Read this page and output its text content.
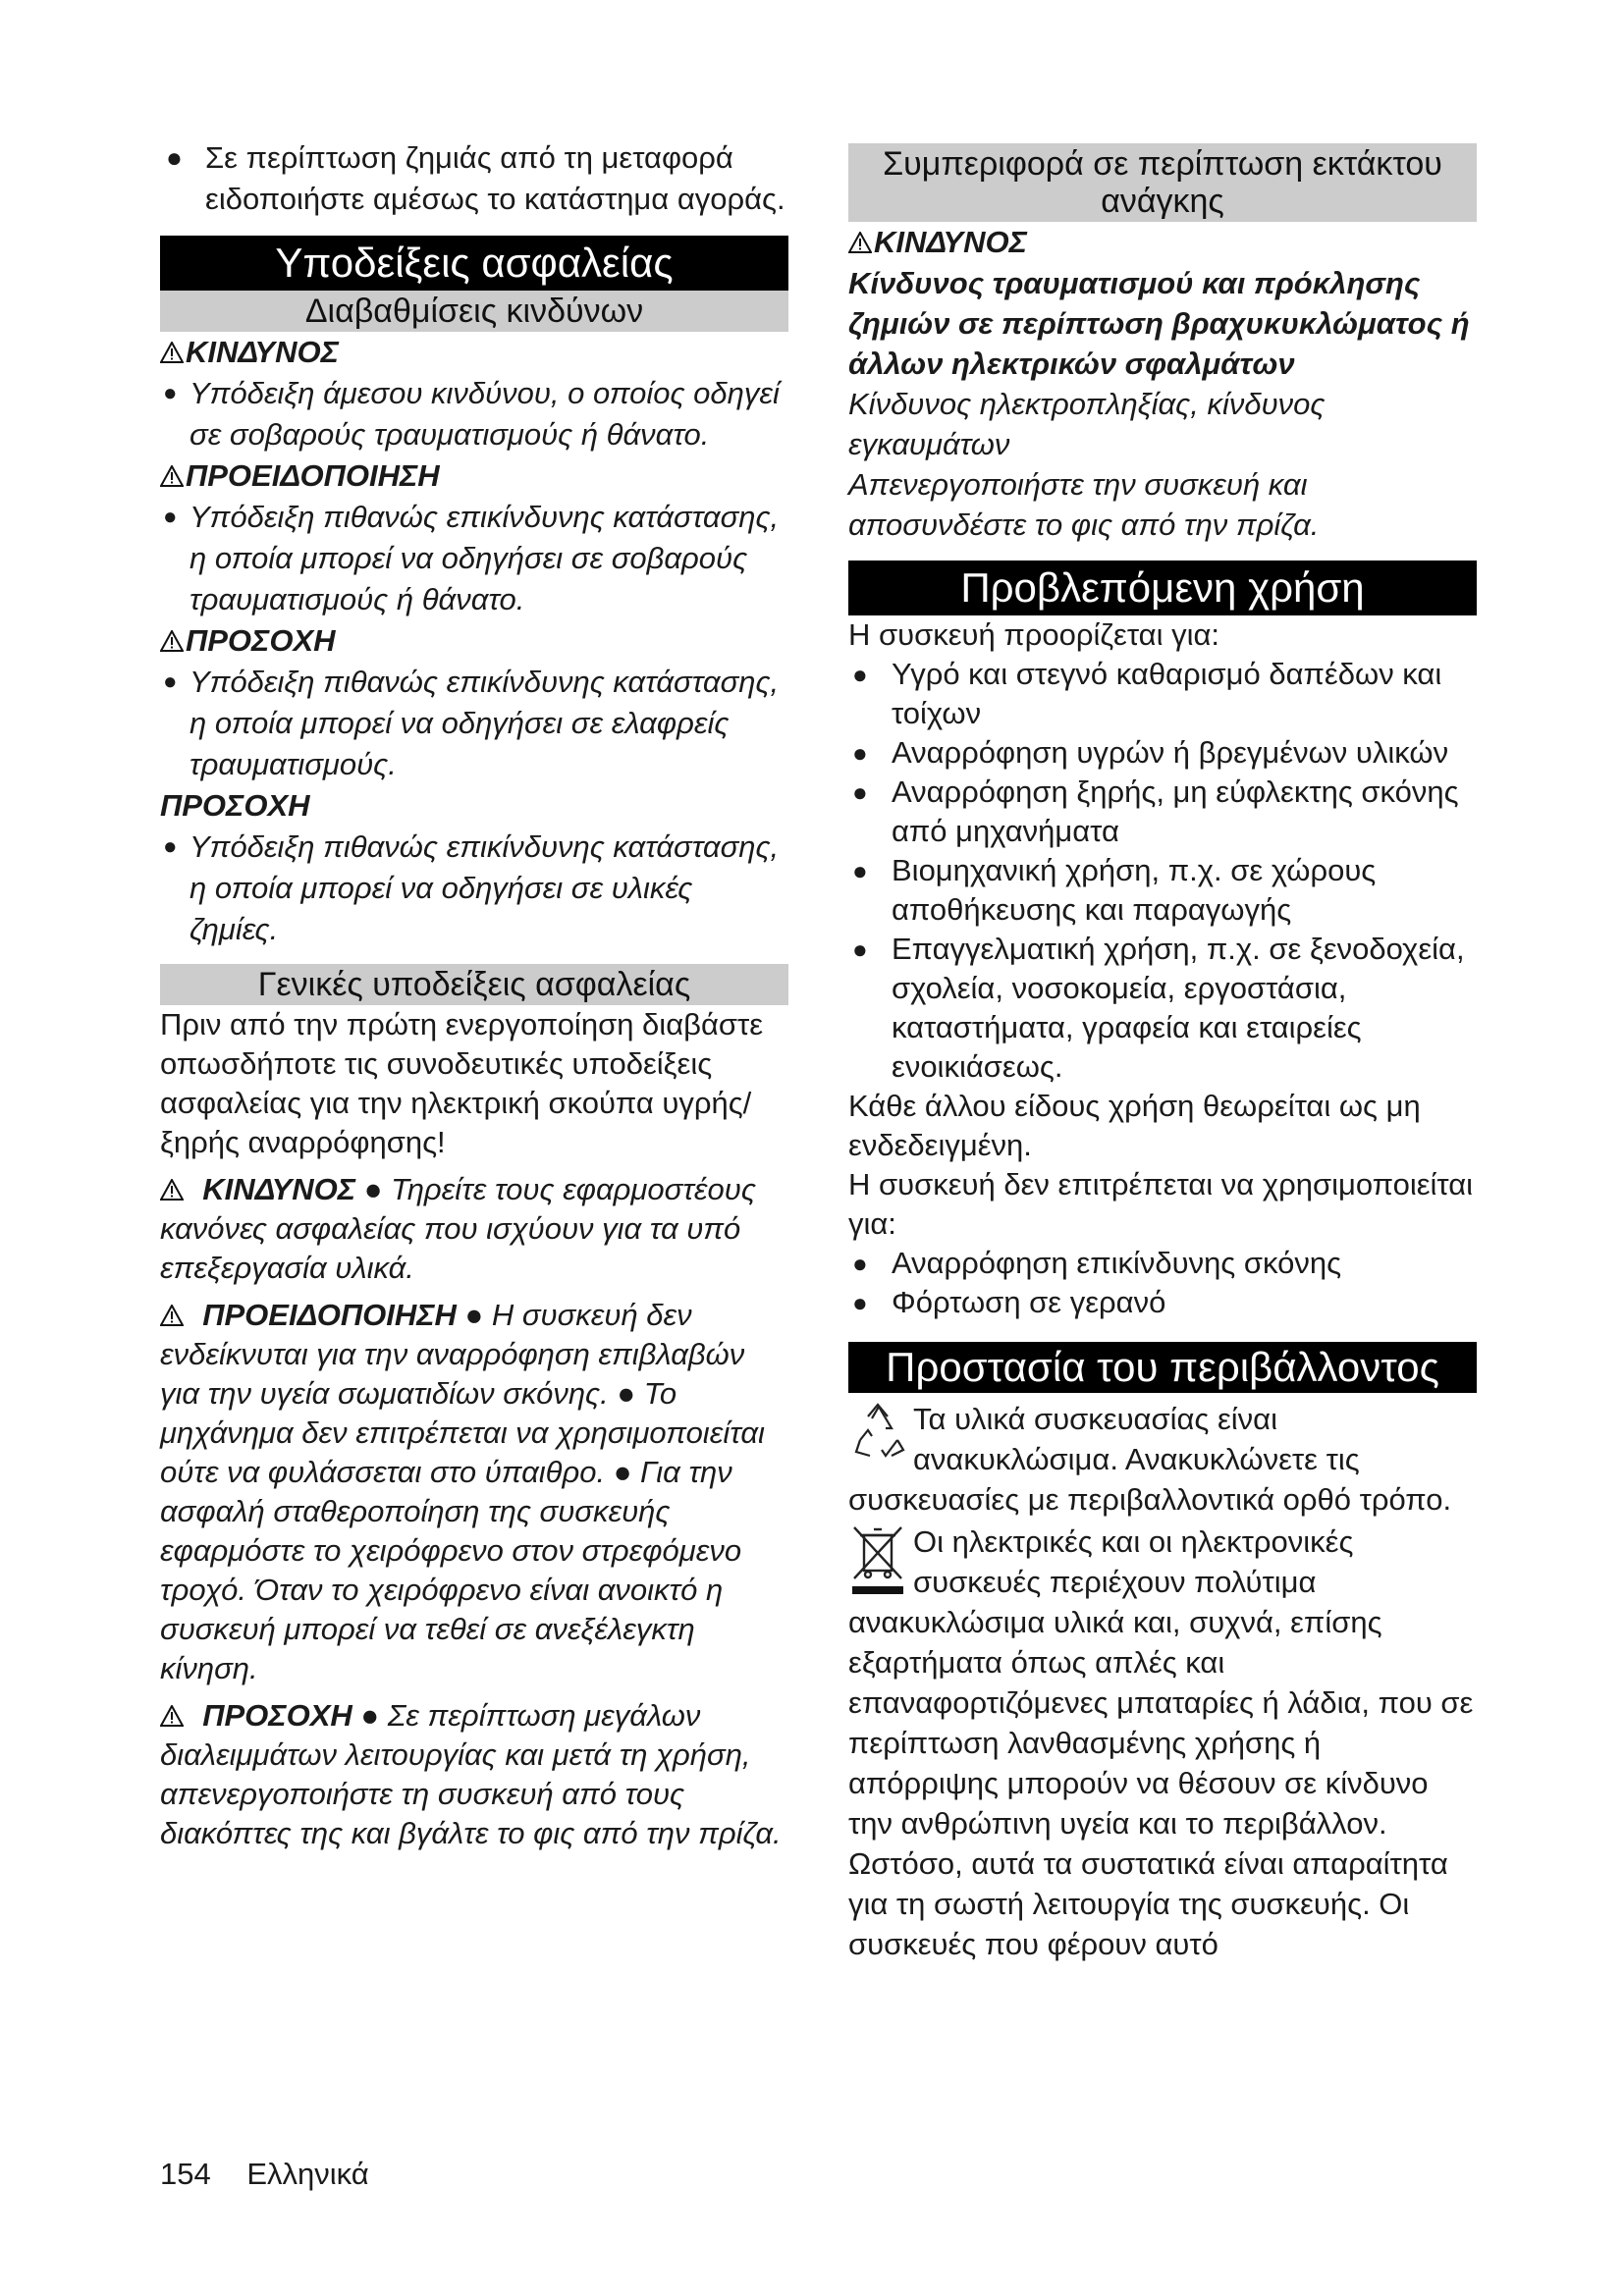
● Σε περίπτωση ζημιάς από τη μεταφορά ειδοποιήστε αμέσως το κατάστημα αγοράς.
Υποδείξεις ασφαλείας
Διαβαθμίσεις κινδύνων
ΚΙΝΔΥΝΟΣ
● Υπόδειξη άμεσου κινδύνου, ο οποίος οδηγεί σε σοβαρούς τραυματισμούς ή θάνατο.
ΠΡΟΕΙΔΟΠΟΙΗΣΗ
● Υπόδειξη πιθανώς επικίνδυνης κατάστασης, η οποία μπορεί να οδηγήσει σε σοβαρούς τραυματισμούς ή θάνατο.
ΠΡΟΣΟΧΗ
● Υπόδειξη πιθανώς επικίνδυνης κατάστασης, η οποία μπορεί να οδηγήσει σε ελαφρείς τραυματισμούς.
ΠΡΟΣΟΧΗ
● Υπόδειξη πιθανώς επικίνδυνης κατάστασης, η οποία μπορεί να οδηγήσει σε υλικές ζημίες.
Γενικές υποδείξεις ασφαλείας
Πριν από την πρώτη ενεργοποίηση διαβάστε οπωσδήποτε τις συνοδευτικές υποδείξεις ασφαλείας για την ηλεκτρική σκούπα υγρής/ξηρής αναρρόφησης!
ΚΙΝΔΥΝΟΣ ● Τηρείτε τους εφαρμοστέους κανόνες ασφαλείας που ισχύουν για τα υπό επεξεργασία υλικά.
ΠΡΟΕΙΔΟΠΟΙΗΣΗ ● Η συσκευή δεν ενδείκνυται για την αναρρόφηση επιβλαβών για την υγεία σωματιδίων σκόνης. ● Το μηχάνημα δεν επιτρέπεται να χρησιμοποιείται ούτε να φυλάσσεται στο ύπαιθρο. ● Για την ασφαλή σταθεροποίηση της συσκευής εφαρμόστε το χειρόφρενο στον στρεφόμενο τροχό. Όταν το χειρόφρενο είναι ανοικτό η συσκευή μπορεί να τεθεί σε ανεξέλεγκτη κίνηση.
ΠΡΟΣΟΧΗ ● Σε περίπτωση μεγάλων διαλειμμάτων λειτουργίας και μετά τη χρήση, απενεργοποιήστε τη συσκευή από τους διακόπτες της και βγάλτε το φις από την πρίζα.
Συμπεριφορά σε περίπτωση εκτάκτου ανάγκης
ΚΙΝΔΥΝΟΣ
Κίνδυνος τραυματισμού και πρόκλησης ζημιών σε περίπτωση βραχυκυκλώματος ή άλλων ηλεκτρικών σφαλμάτων
Κίνδυνος ηλεκτροπληξίας, κίνδυνος εγκαυμάτων
Απενεργοποιήστε την συσκευή και αποσυνδέστε το φις από την πρίζα.
Προβλεπόμενη χρήση
Η συσκευή προορίζεται για:
● Υγρό και στεγνό καθαρισμό δαπέδων και τοίχων
● Αναρρόφηση υγρών ή βρεγμένων υλικών
● Αναρρόφηση ξηρής, μη εύφλεκτης σκόνης από μηχανήματα
● Βιομηχανική χρήση, π.χ. σε χώρους αποθήκευσης και παραγωγής
● Επαγγελματική χρήση, π.χ. σε ξενοδοχεία, σχολεία, νοσοκομεία, εργοστάσια, καταστήματα, γραφεία και εταιρείες ενοικιάσεως.
Κάθε άλλου είδους χρήση θεωρείται ως μη ενδεδειγμένη.
Η συσκευή δεν επιτρέπεται να χρησιμοποιείται για:
● Αναρρόφηση επικίνδυνης σκόνης
● Φόρτωση σε γερανό
Προστασία του περιβάλλοντος
Τα υλικά συσκευασίας είναι ανακυκλώσιμα. Ανακυκλώνετε τις συσκευασίες με περιβαλλοντικά ορθό τρόπο.
Οι ηλεκτρικές και οι ηλεκτρονικές συσκευές περιέχουν πολύτιμα ανακυκλώσιμα υλικά και, συχνά, επίσης εξαρτήματα όπως απλές και επαναφορτιζόμενες μπαταρίες ή λάδια, που σε περίπτωση λανθασμένης χρήσης ή απόρριψης μπορούν να θέσουν σε κίνδυνο την ανθρώπινη υγεία και το περιβάλλον. Ωστόσο, αυτά τα συστατικά είναι απαραίτητα για τη σωστή λειτουργία της συσκευής. Οι συσκευές που φέρουν αυτό
154 Ελληνικά
